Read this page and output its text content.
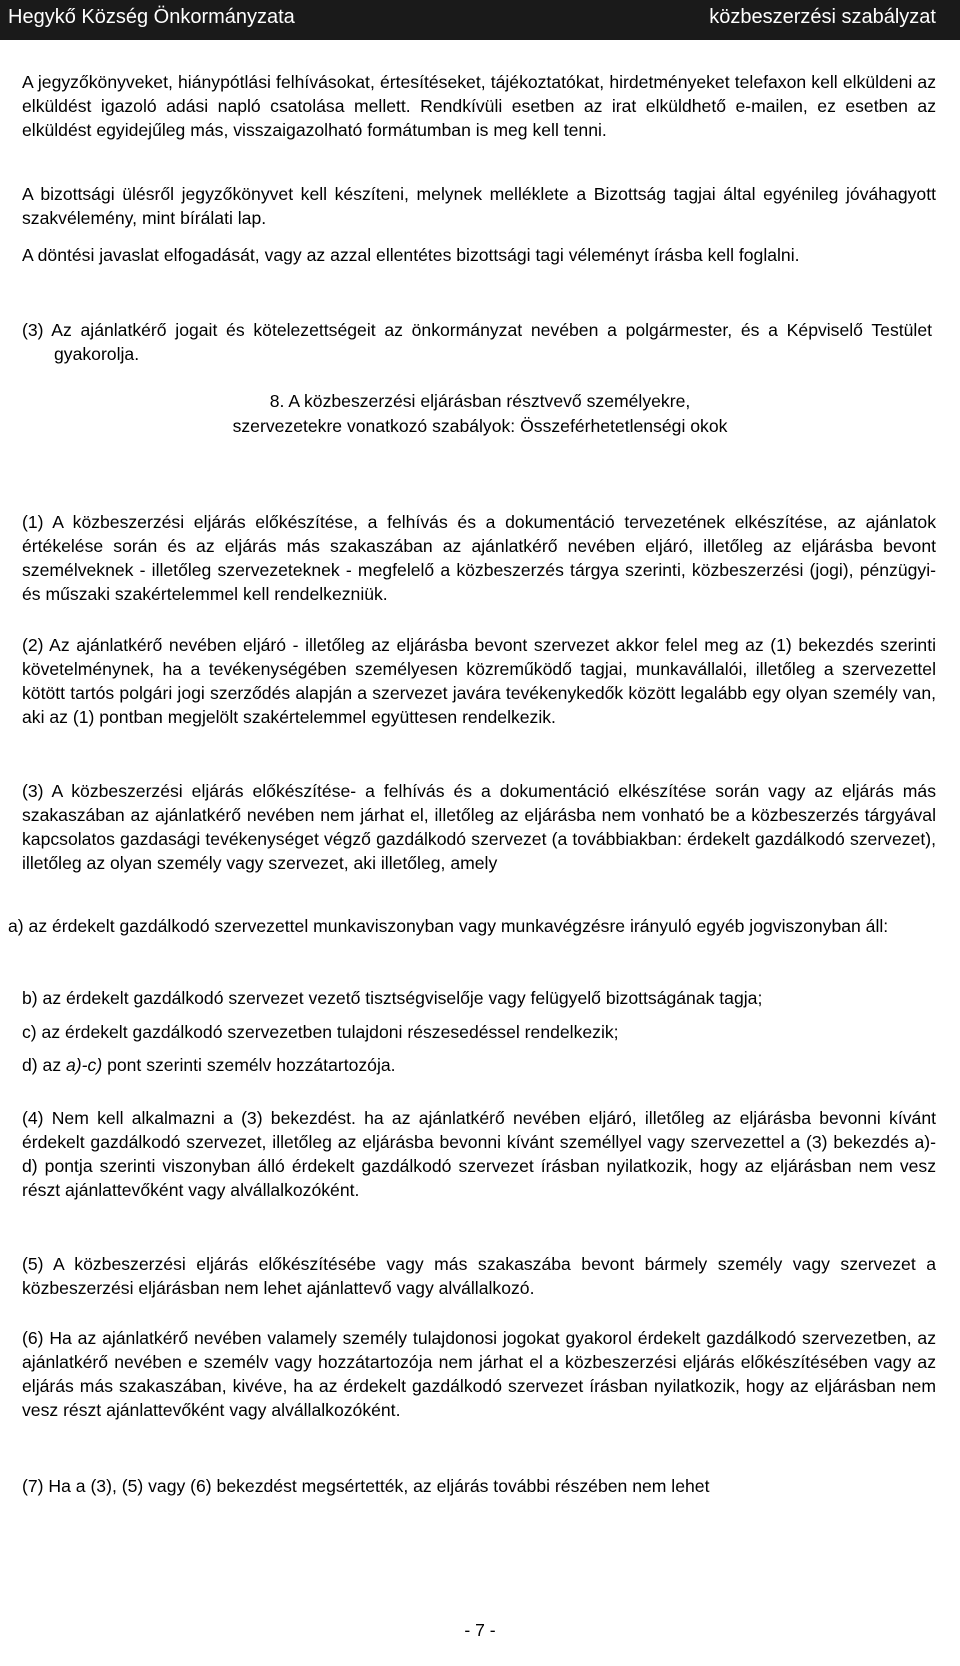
Hegykő Község Önkormányzata	közbeszerzési szabályzat

A jegyzőkönyveket, hiánypótlási felhívásokat, értesítéseket, tájékoztatókat, hirdetményeket telefaxon kell elküldeni az elküldést igazoló adási napló csatolása mellett. Rendkívüli esetben az irat elküldhető e-mailen, ez esetben az elküldést egyidejűleg más, visszaigazolható formátumban is meg kell tenni.

A bizottsági ülésről jegyzőkönyvet kell készíteni, melynek melléklete a Bizottság tagjai által egyénileg jóváhagyott szakvélemény, mint bírálati lap.

A döntési javaslat elfogadását, vagy az azzal ellentétes bizottsági tagi véleményt írásba kell foglalni.

(3) Az ajánlatkérő jogait és kötelezettségeit az önkormányzat nevében a polgármester, és a Képviselő Testület gyakorolja.

8. A közbeszerzési eljárásban résztvevő személyekre,

szervezetekre vonatkozó szabályok: Összeférhetetlenségi okok

(1) A közbeszerzési eljárás előkészítése, a felhívás és a dokumentáció tervezetének elkészítése, az ajánlatok értékelése során és az eljárás más szakaszában az ajánlatkérő nevében eljáró, illetőleg az eljárásba bevont személveknek - illetőleg szervezeteknek - megfelelő a közbeszerzés tárgya szerinti, közbeszerzési (jogi), pénzügyi- és műszaki szakértelemmel kell rendelkezniük.

(2) Az ajánlatkérő nevében eljáró - illetőleg az eljárásba bevont szervezet akkor felel meg az (1) bekezdés szerinti követelménynek, ha a tevékenységében személyesen közreműködő tagjai, munkavállalói, illetőleg a szervezettel kötött tartós polgári jogi szerződés alapján a szervezet javára tevékenykedők között legalább egy olyan személy van, aki az (1) pontban megjelölt szakértelemmel együttesen rendelkezik.

(3) A közbeszerzési eljárás előkészítése- a felhívás és a dokumentáció elkészítése során vagy az eljárás más szakaszában az ajánlatkérő nevében nem járhat el, illetőleg az eljárásba nem vonható be a közbeszerzés tárgyával kapcsolatos gazdasági tevékenységet végző gazdálkodó szervezet (a továbbiakban: érdekelt gazdálkodó szervezet), illetőleg az olyan személy vagy szervezet, aki illetőleg, amely

a) az érdekelt gazdálkodó szervezettel munkaviszonyban vagy munkavégzésre irányuló egyéb jogviszonyban áll:

b) az érdekelt gazdálkodó szervezet vezető tisztségviselője vagy felügyelő bizottságának tagja;

c) az érdekelt gazdálkodó szervezetben tulajdoni részesedéssel rendelkezik;

d) az a)-c) pont szerinti személv hozzátartozója.

(4) Nem kell alkalmazni a (3) bekezdést. ha az ajánlatkérő nevében eljáró, illetőleg az eljárásba bevonni kívánt érdekelt gazdálkodó szervezet, illetőleg az eljárásba bevonni kívánt személlyel vagy szervezettel a (3) bekezdés a)-d) pontja szerinti viszonyban álló érdekelt gazdálkodó szervezet írásban nyilatkozik, hogy az eljárásban nem vesz részt ajánlattevőként vagy alvállalkozóként.

(5) A közbeszerzési eljárás előkészítésébe vagy más szakaszába bevont bármely személy vagy szervezet a közbeszerzési eljárásban nem lehet ajánlattevő vagy alvállalkozó.

(6) Ha az ajánlatkérő nevében valamely személy tulajdonosi jogokat gyakorol érdekelt gazdálkodó szervezetben, az ajánlatkérő nevében e személv vagy hozzátartozója nem járhat el a közbeszerzési eljárás előkészítésében vagy az eljárás más szakaszában, kivéve, ha az érdekelt gazdálkodó szervezet írásban nyilatkozik, hogy az eljárásban nem vesz részt ajánlattevőként vagy alvállalkozóként.

(7) Ha a (3), (5) vagy (6) bekezdést megsértették, az eljárás további részében nem lehet

- 7 -
